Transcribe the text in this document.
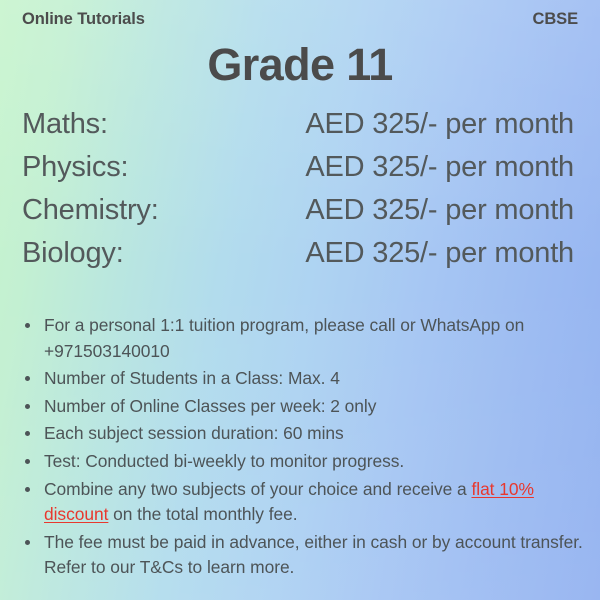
Online Tutorials	CBSE
Grade 11
Maths:	AED 325/- per month
Physics:	AED 325/- per month
Chemistry:	AED 325/- per month
Biology:	AED 325/- per month
For a personal 1:1 tuition program, please call or WhatsApp on +971503140010
Number of Students in a Class: Max. 4
Number of Online Classes per week: 2 only
Each subject session duration: 60 mins
Test: Conducted bi-weekly to monitor progress.
Combine any two subjects of your choice and receive a flat 10% discount on the total monthly fee.
The fee must be paid in advance, either in cash or by account transfer. Refer to our T&Cs to learn more.
